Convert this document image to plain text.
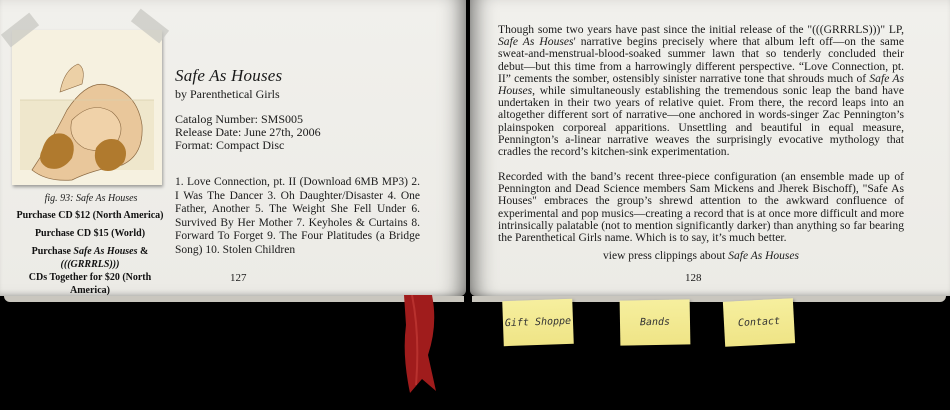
fig. 93: Safe As Houses
Purchase CD $12 (North America)
Purchase CD $15 (World)
Purchase Safe As Houses & (((GRRRLS)))
CDs Together for $20 (North America)
Safe As Houses
by Parenthetical Girls
Catalog Number: SMS005
Release Date: June 27th, 2006
Format: Compact Disc
1. Love Connection, pt. II (Download 6MB MP3) 2. I Was The Dancer 3. Oh Daughter/Disaster 4. One Father, Another 5. The Weight She Fell Under 6. Survived By Her Mother 7. Keyholes & Curtains 8. Forward To Forget 9. The Four Platitudes (a Bridge Song) 10. Stolen Children
127
Though some two years have past since the initial release of the "(((GRRRLS)))" LP, Safe As Houses' narrative begins precisely where that album left off—on the same sweat-and-menstrual-blood-soaked summer lawn that so tenderly concluded their debut—but this time from a harrowingly different perspective. “Love Connection, pt. II” cements the somber, ostensibly sinister narrative tone that shrouds much of Safe As Houses, while simultaneously establishing the tremendous sonic leap the band have undertaken in their two years of relative quiet. From there, the record leaps into an altogether different sort of narrative—one anchored in words-singer Zac Pennington’s plainspoken corporeal apparitions. Unsettling and beautiful in equal measure, Pennington’s a-linear narrative weaves the surprisingly evocative mythology that cradles the record’s kitchen-sink experimentation.
Recorded with the band’s recent three-piece configuration (an ensemble made up of Pennington and Dead Science members Sam Mickens and Jherek Bischoff), "Safe As Houses" embraces the group’s shrewd attention to the awkward confluence of experimental and pop musics—creating a record that is at once more difficult and more intrinsically palatable (not to mention significantly darker) than anything so far bearing the Parenthetical Girls name. Which is to say, it’s much better.
view press clippings about Safe As Houses
128
Gift Shoppe	Bands	Contact
